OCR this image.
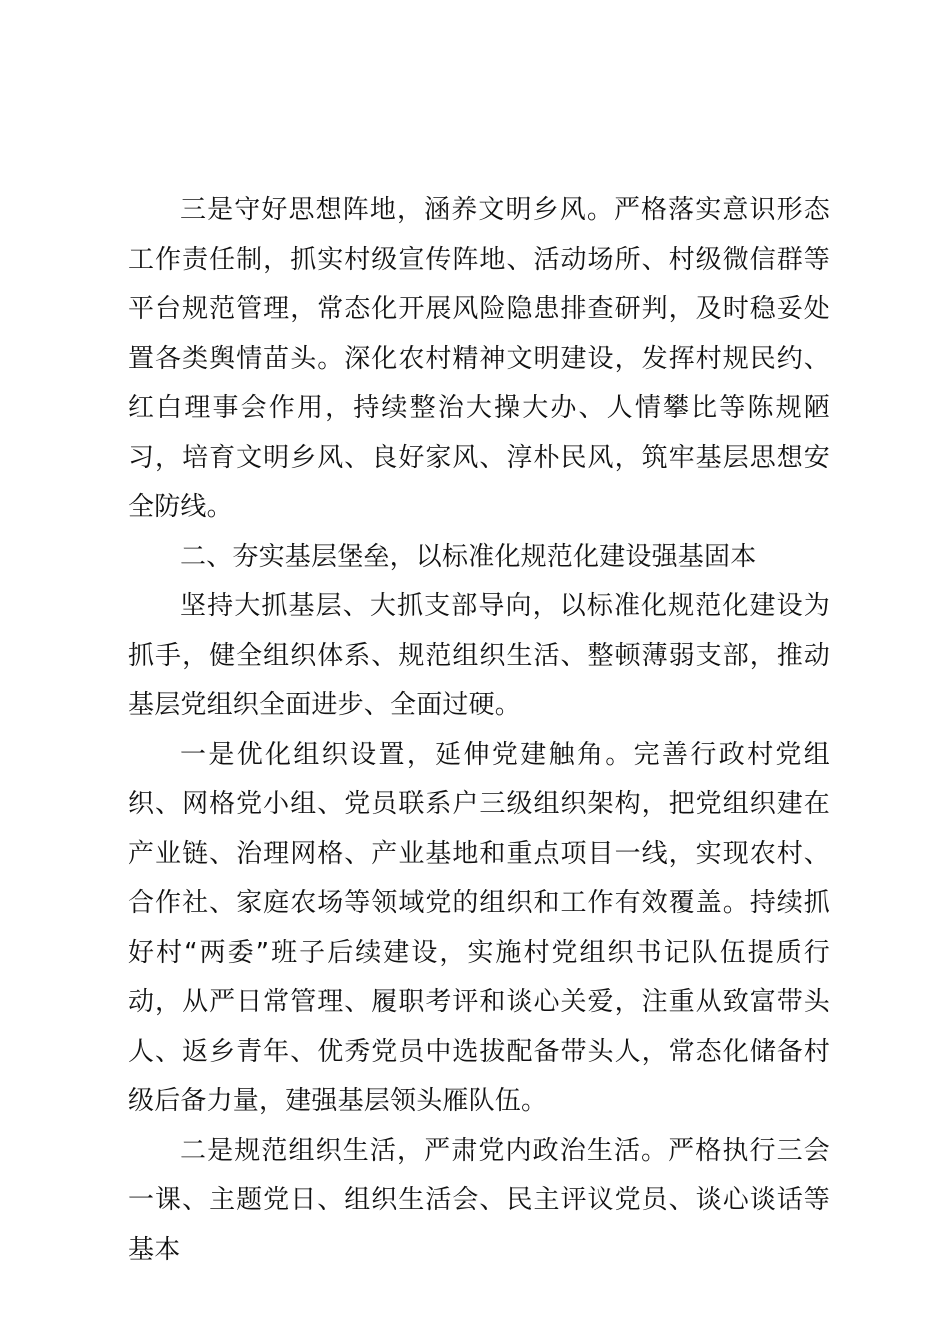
三是守好思想阵地，涵养文明乡风。严格落实意识形态工作责任制，抓实村级宣传阵地、活动场所、村级微信群等平台规范管理，常态化开展风险隐患排查研判，及时稳妥处置各类舆情苗头。深化农村精神文明建设，发挥村规民约、红白理事会作用，持续整治大操大办、人情攀比等陈规陋习，培育文明乡风、良好家风、淳朴民风，筑牢基层思想安全防线。

二、夯实基层堡垒，以标准化规范化建设强基固本

坚持大抓基层、大抓支部导向，以标准化规范化建设为抓手，健全组织体系、规范组织生活、整顿薄弱支部，推动基层党组织全面进步、全面过硬。

一是优化组织设置，延伸党建触角。完善行政村党组织、网格党小组、党员联系户三级组织架构，把党组织建在产业链、治理网格、产业基地和重点项目一线，实现农村、合作社、家庭农场等领域党的组织和工作有效覆盖。持续抓好村“两委”班子后续建设，实施村党组织书记队伍提质行动，从严日常管理、履职考评和谈心关爱，注重从致富带头人、返乡青年、优秀党员中选拔配备带头人，常态化储备村级后备力量，建强基层领头雁队伍。

二是规范组织生活，严肃党内政治生活。严格执行三会一课、主题党日、组织生活会、民主评议党员、谈心谈话等基本
